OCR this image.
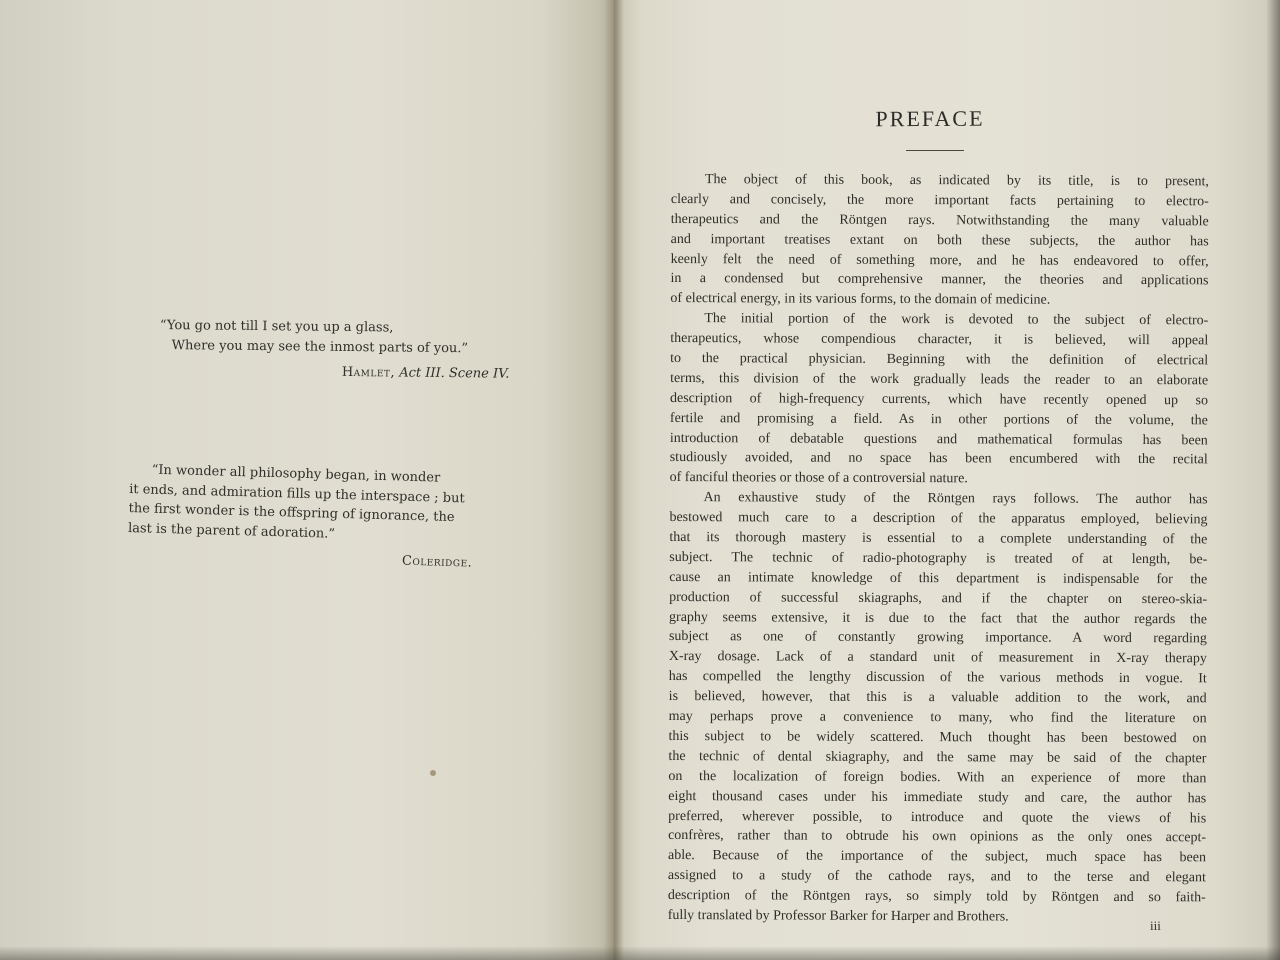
“You go not till I set you up a glass,
Where you may see the inmost parts of you.”
Hamlet, Act III. Scene IV.
“In wonder all philosophy began, in wonder
it ends, and admiration fills up the interspace ; but
the first wonder is the offspring of ignorance, the
last is the parent of adoration.”
Coleridge.
PREFACE
The object of this book, as indicated by its title, is to present,
clearly and concisely, the more important facts pertaining to electro-
therapeutics and the Röntgen rays. Notwithstanding the many valuable
and important treatises extant on both these subjects, the author has
keenly felt the need of something more, and he has endeavored to offer,
in a condensed but comprehensive manner, the theories and applications
of electrical energy, in its various forms, to the domain of medicine.
The initial portion of the work is devoted to the subject of electro-
therapeutics, whose compendious character, it is believed, will appeal
to the practical physician. Beginning with the definition of electrical
terms, this division of the work gradually leads the reader to an elaborate
description of high-frequency currents, which have recently opened up so
fertile and promising a field. As in other portions of the volume, the
introduction of debatable questions and mathematical formulas has been
studiously avoided, and no space has been encumbered with the recital
of fanciful theories or those of a controversial nature.
An exhaustive study of the Röntgen rays follows. The author has
bestowed much care to a description of the apparatus employed, believing
that its thorough mastery is essential to a complete understanding of the
subject. The technic of radio-photography is treated of at length, be-
cause an intimate knowledge of this department is indispensable for the
production of successful skiagraphs, and if the chapter on stereo-skia-
graphy seems extensive, it is due to the fact that the author regards the
subject as one of constantly growing importance. A word regarding
X-ray dosage. Lack of a standard unit of measurement in X-ray therapy
has compelled the lengthy discussion of the various methods in vogue. It
is believed, however, that this is a valuable addition to the work, and
may perhaps prove a convenience to many, who find the literature on
this subject to be widely scattered. Much thought has been bestowed on
the technic of dental skiagraphy, and the same may be said of the chapter
on the localization of foreign bodies. With an experience of more than
eight thousand cases under his immediate study and care, the author has
preferred, wherever possible, to introduce and quote the views of his
confrères, rather than to obtrude his own opinions as the only ones accept-
able. Because of the importance of the subject, much space has been
assigned to a study of the cathode rays, and to the terse and elegant
description of the Röntgen rays, so simply told by Röntgen and so faith-
fully translated by Professor Barker for Harper and Brothers.
iii
